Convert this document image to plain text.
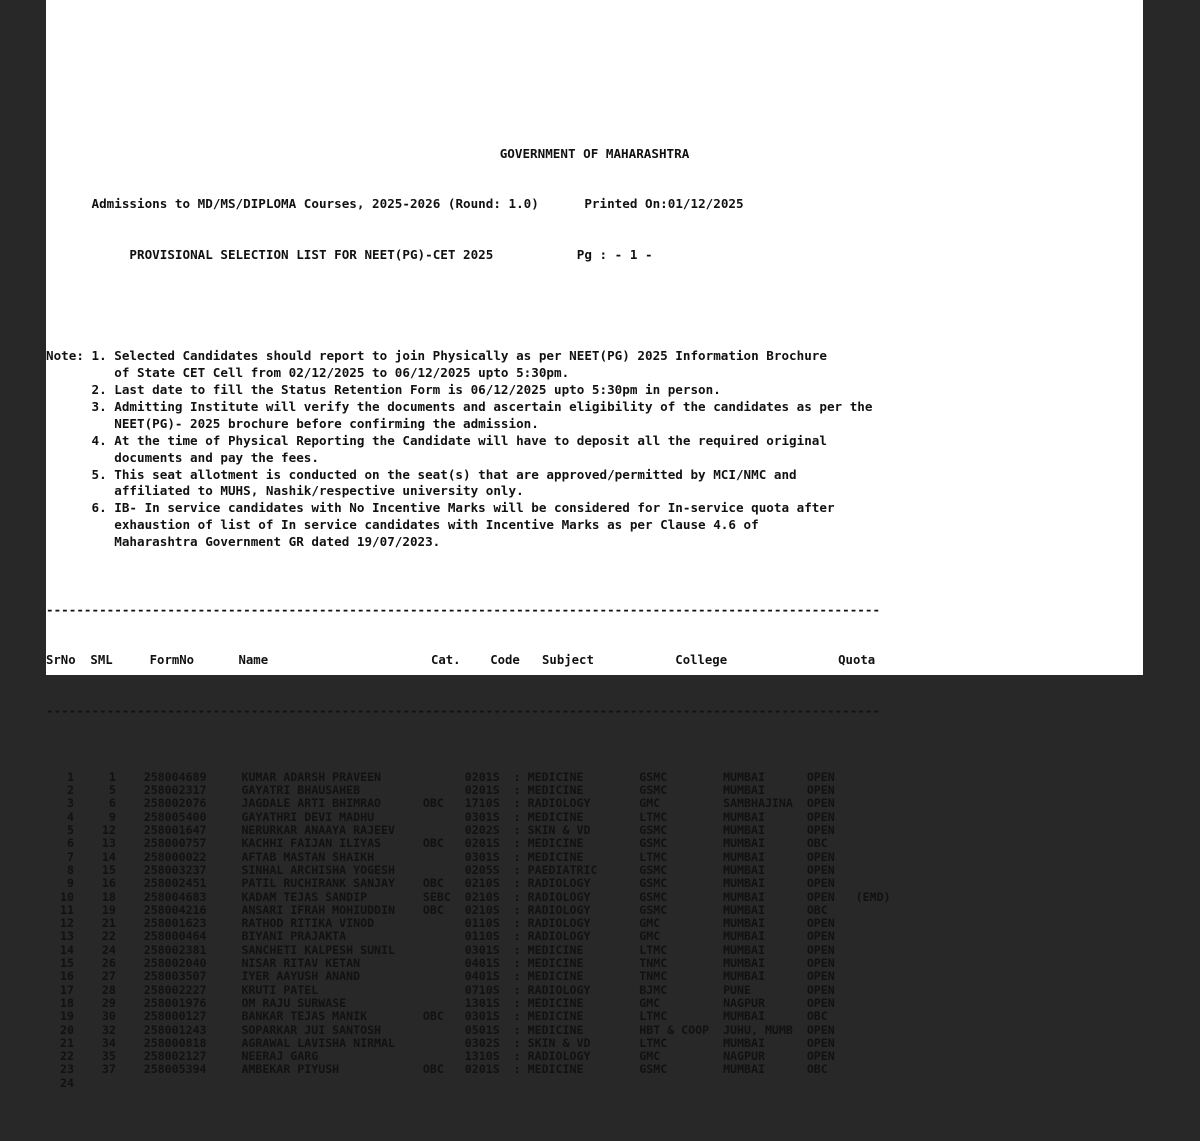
GOVERNMENT OF MAHARASHTRA

Admissions to MD/MS/DIPLOMA Courses, 2025-2026 (Round: 1.0)	Printed On:01/12/2025

PROVISIONAL SELECTION LIST FOR NEET(PG)-CET 2025	Pg : - 1 -

Note: 1. Selected Candidates should report to join Physically as per NEET(PG) 2025 Information Brochure
of State CET Cell from 02/12/2025 to 06/12/2025 upto 5:30pm.
2. Last date to fill the Status Retention Form is 06/12/2025 upto 5:30pm in person.
3. Admitting Institute will verify the documents and ascertain eligibility of the candidates as per the
NEET(PG)- 2025 brochure before confirming the admission.
4. At the time of Physical Reporting the Candidate will have to deposit all the required original
documents and pay the fees.
5. This seat allotment is conducted on the seat(s) that are approved/permitted by MCI/NMC and
affiliated to MUHS, Nashik/respective university only.
6. IB- In service candidates with No Incentive Marks will be considered for In-service quota after
exhaustion of list of In service candidates with Incentive Marks as per Clause 4.6 of
Maharashtra Government GR dated 19/07/2023.

--------------------------------------------------------------------------------------------------------------

SrNo  SML     FormNo      Name                      Cat.    Code   Subject           College               Quota

--------------------------------------------------------------------------------------------------------------

1     1    258004689     KUMAR ADARSH PRAVEEN            0201S  : MEDICINE        GSMC        MUMBAI      OPEN
2     5    258002317     GAYATRI BHAUSAHEB               0201S  : MEDICINE        GSMC        MUMBAI      OPEN
3     6    258002076     JAGDALE ARTI BHIMRAO      OBC   1710S  : RADIOLOGY       GMC         SAMBHAJINA  OPEN
4     9    258005400     GAYATHRI DEVI MADHU             0301S  : MEDICINE        LTMC        MUMBAI      OPEN
5    12    258001647     NERURKAR ANAAYA RAJEEV          0202S  : SKIN & VD       GSMC        MUMBAI      OPEN
6    13    258000757     KACHHI FAIJAN ILIYAS      OBC   0201S  : MEDICINE        GSMC        MUMBAI      OBC
7    14    258000022     AFTAB MASTAN SHAIKH             0301S  : MEDICINE        LTMC        MUMBAI      OPEN
8    15    258003237     SINHAL ARCHISHA YOGESH          0205S  : PAEDIATRIC      GSMC        MUMBAI      OPEN
9    16    258002451     PATIL RUCHIRANK SANJAY    OBC   0210S  : RADIOLOGY       GSMC        MUMBAI      OPEN
10    18    258004683     KADAM TEJAS SANDIP        SEBC  0210S  : RADIOLOGY       GSMC        MUMBAI      OPEN   (EMD)
11    19    258004216     ANSARI IFRAH MOHIUDDIN    OBC   0210S  : RADIOLOGY       GSMC        MUMBAI      OBC
12    21    258001623     RATHOD RITIKA VINOD             0110S  : RADIOLOGY       GMC         MUMBAI      OPEN
13    22    258000464     BIYANI PRAJAKTA                 0110S  : RADIOLOGY       GMC         MUMBAI      OPEN
14    24    258002381     SANCHETI KALPESH SUNIL          0301S  : MEDICINE        LTMC        MUMBAI      OPEN
15    26    258002040     NISAR RITAV KETAN               0401S  : MEDICINE        TNMC        MUMBAI      OPEN
16    27    258003507     IYER AAYUSH ANAND               0401S  : MEDICINE        TNMC        MUMBAI      OPEN
17    28    258002227     KRUTI PATEL                     0710S  : RADIOLOGY       BJMC        PUNE        OPEN
18    29    258001976     OM RAJU SURWASE                 1301S  : MEDICINE        GMC         NAGPUR      OPEN
19    30    258000127     BANKAR TEJAS MANIK        OBC   0301S  : MEDICINE        LTMC        MUMBAI      OBC
20    32    258001243     SOPARKAR JUI SANTOSH            0501S  : MEDICINE        HBT & COOP  JUHU, MUMB  OPEN
21    34    258000818     AGRAWAL LAVISHA NIRMAL          0302S  : SKIN & VD       LTMC        MUMBAI      OPEN
22    35    258002127     NEERAJ GARG                     1310S  : RADIOLOGY       GMC         NAGPUR      OPEN
23    37    258005394     AMBEKAR PIYUSH            OBC   0201S  : MEDICINE        GSMC        MUMBAI      OBC
24
